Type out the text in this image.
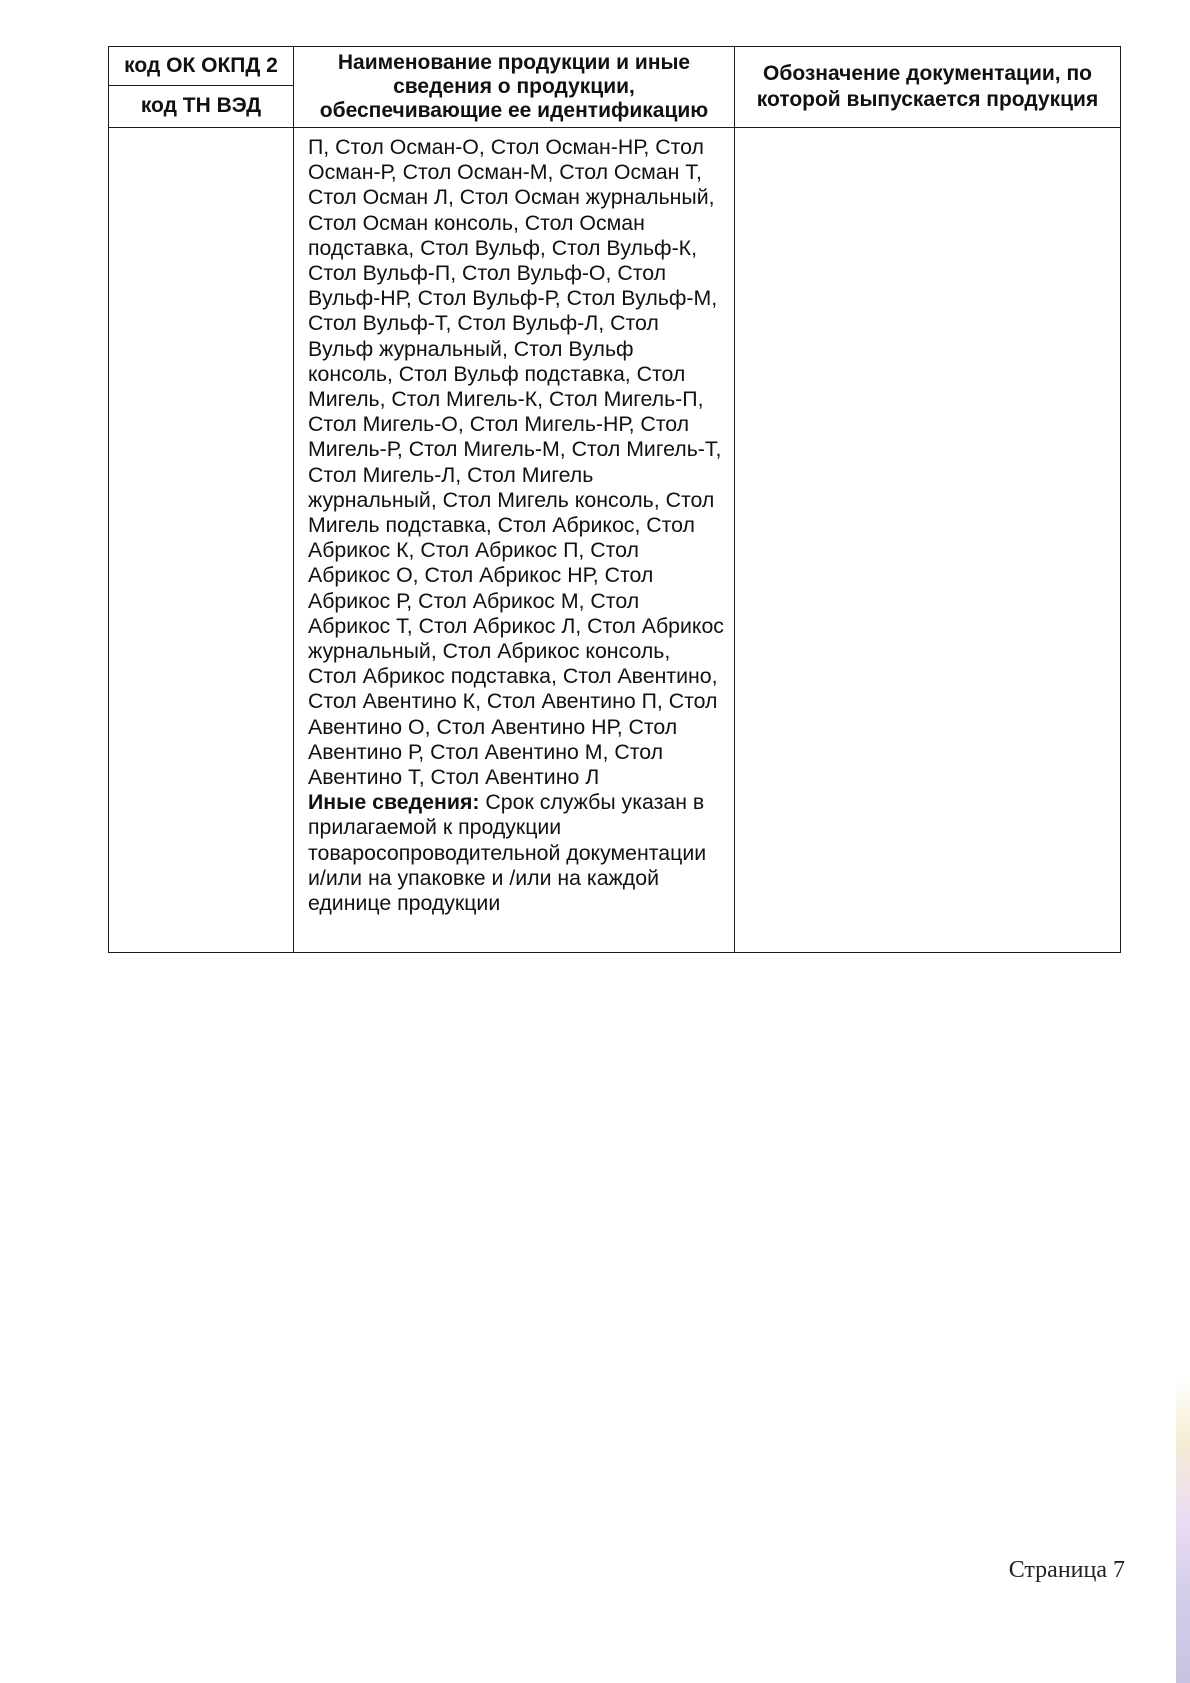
код ОК ОКПД 2	Наименование продукции и иные сведения о продукции, обеспечивающие ее идентификацию	Обозначение документации, по которой выпускается продукция
код ТН ВЭД		

	П, Стол Осман-О, Стол Осман-НР, Стол Осман-Р, Стол Осман-М, Стол Осман Т, Стол Осман Л, Стол Осман журнальный, Стол Осман консоль, Стол Осман подставка, Стол Вульф, Стол Вульф-К, Стол Вульф-П, Стол Вульф-О, Стол Вульф-НР, Стол Вульф-Р, Стол Вульф-М, Стол Вульф-Т, Стол Вульф-Л, Стол Вульф журнальный, Стол Вульф консоль, Стол Вульф подставка, Стол Мигель, Стол Мигель-К, Стол Мигель-П, Стол Мигель-О, Стол Мигель-НР, Стол Мигель-Р, Стол Мигель-М, Стол Мигель-Т, Стол Мигель-Л, Стол Мигель журнальный, Стол Мигель консоль, Стол Мигель подставка, Стол Абрикос, Стол Абрикос К, Стол Абрикос П, Стол Абрикос О, Стол Абрикос НР, Стол Абрикос Р, Стол Абрикос М, Стол Абрикос Т, Стол Абрикос Л, Стол Абрикос журнальный, Стол Абрикос консоль, Стол Абрикос подставка, Стол Авентино, Стол Авентино К, Стол Авентино П, Стол Авентино О, Стол Авентино НР, Стол Авентино Р, Стол Авентино М, Стол Авентино Т, Стол Авентино Л
Иные сведения: Срок службы указан в прилагаемой к продукции товаросопроводительной документации и/или на упаковке и /или на каждой единице продукции	

Страница 7
